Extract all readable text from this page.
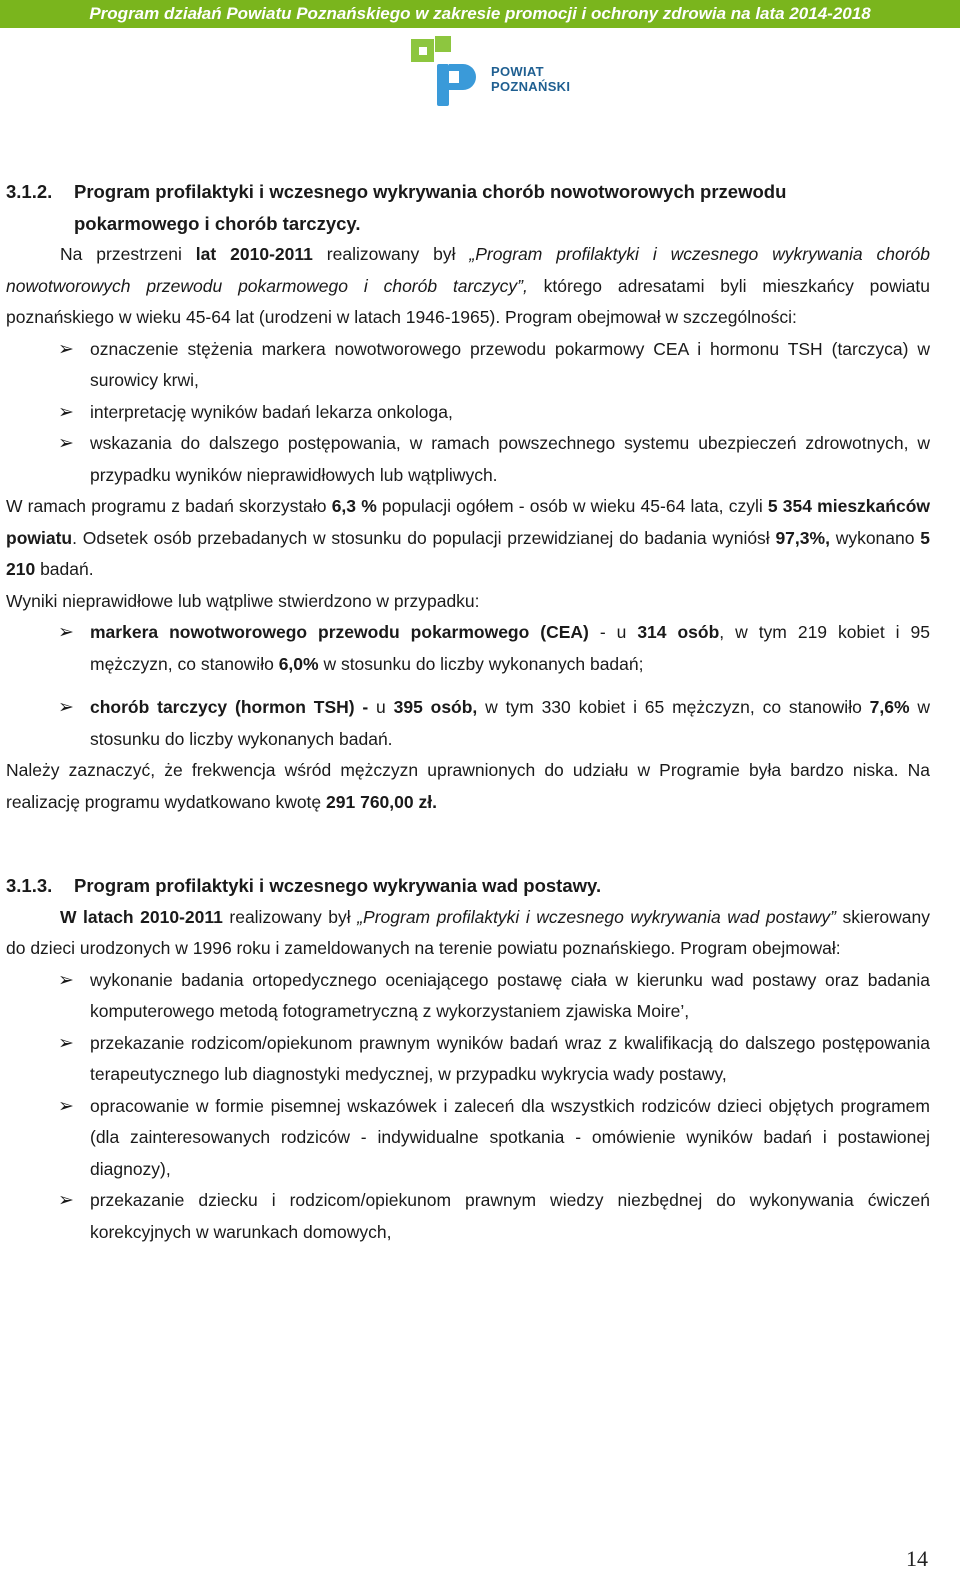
Program działań Powiatu Poznańskiego w zakresie promocji i ochrony zdrowia na lata 2014-2018
POWIAT
POZNAŃSKI
3.1.2. Program profilaktyki i wczesnego wykrywania chorób nowotworowych przewodu
pokarmowego i chorób tarczycy.

Na przestrzeni lat 2010-2011 realizowany był „Program profilaktyki i wczesnego wykrywania chorób nowotworowych przewodu pokarmowego i chorób tarczycy”, którego adresatami byli mieszkańcy powiatu poznańskiego w wieku 45-64 lat (urodzeni w latach 1946-1965). Program obejmował w szczególności:

➢ oznaczenie stężenia markera nowotworowego przewodu pokarmowy CEA i hormonu TSH (tarczyca) w surowicy krwi,
➢ interpretację wyników badań lekarza onkologa,
➢ wskazania do dalszego postępowania, w ramach powszechnego systemu ubezpieczeń zdrowotnych, w przypadku wyników nieprawidłowych lub wątpliwych.

W ramach programu z badań skorzystało 6,3 % populacji ogółem - osób w wieku 45-64 lata, czyli 5 354 mieszkańców powiatu. Odsetek osób przebadanych w stosunku do populacji przewidzianej do badania wyniósł 97,3%, wykonano 5 210 badań.

Wyniki nieprawidłowe lub wątpliwe stwierdzono w przypadku:

➢ markera nowotworowego przewodu pokarmowego (CEA) - u 314 osób, w tym 219 kobiet i 95 mężczyzn, co stanowiło 6,0% w stosunku do liczby wykonanych badań;
➢ chorób tarczycy (hormon TSH) - u 395 osób, w tym 330 kobiet i 65 mężczyzn, co stanowiło 7,6% w stosunku do liczby wykonanych badań.

Należy zaznaczyć, że frekwencja wśród mężczyzn uprawnionych do udziału w Programie była bardzo niska. Na realizację programu wydatkowano kwotę 291 760,00 zł.

3.1.3. Program profilaktyki i wczesnego wykrywania wad postawy.

W latach 2010-2011 realizowany był „Program profilaktyki i wczesnego wykrywania wad postawy” skierowany do dzieci urodzonych w 1996 roku i zameldowanych na terenie powiatu poznańskiego. Program obejmował:

➢ wykonanie badania ortopedycznego oceniającego postawę ciała w kierunku wad postawy oraz badania komputerowego metodą fotogrametryczną z wykorzystaniem zjawiska Moire’,
➢ przekazanie rodzicom/opiekunom prawnym wyników badań wraz z kwalifikacją do dalszego postępowania terapeutycznego lub diagnostyki medycznej, w przypadku wykrycia wady postawy,
➢ opracowanie w formie pisemnej wskazówek i zaleceń dla wszystkich rodziców dzieci objętych programem (dla zainteresowanych rodziców - indywidualne spotkania - omówienie wyników badań i postawionej diagnozy),
➢ przekazanie dziecku i rodzicom/opiekunom prawnym wiedzy niezbędnej do wykonywania ćwiczeń korekcyjnych w warunkach domowych,
14
